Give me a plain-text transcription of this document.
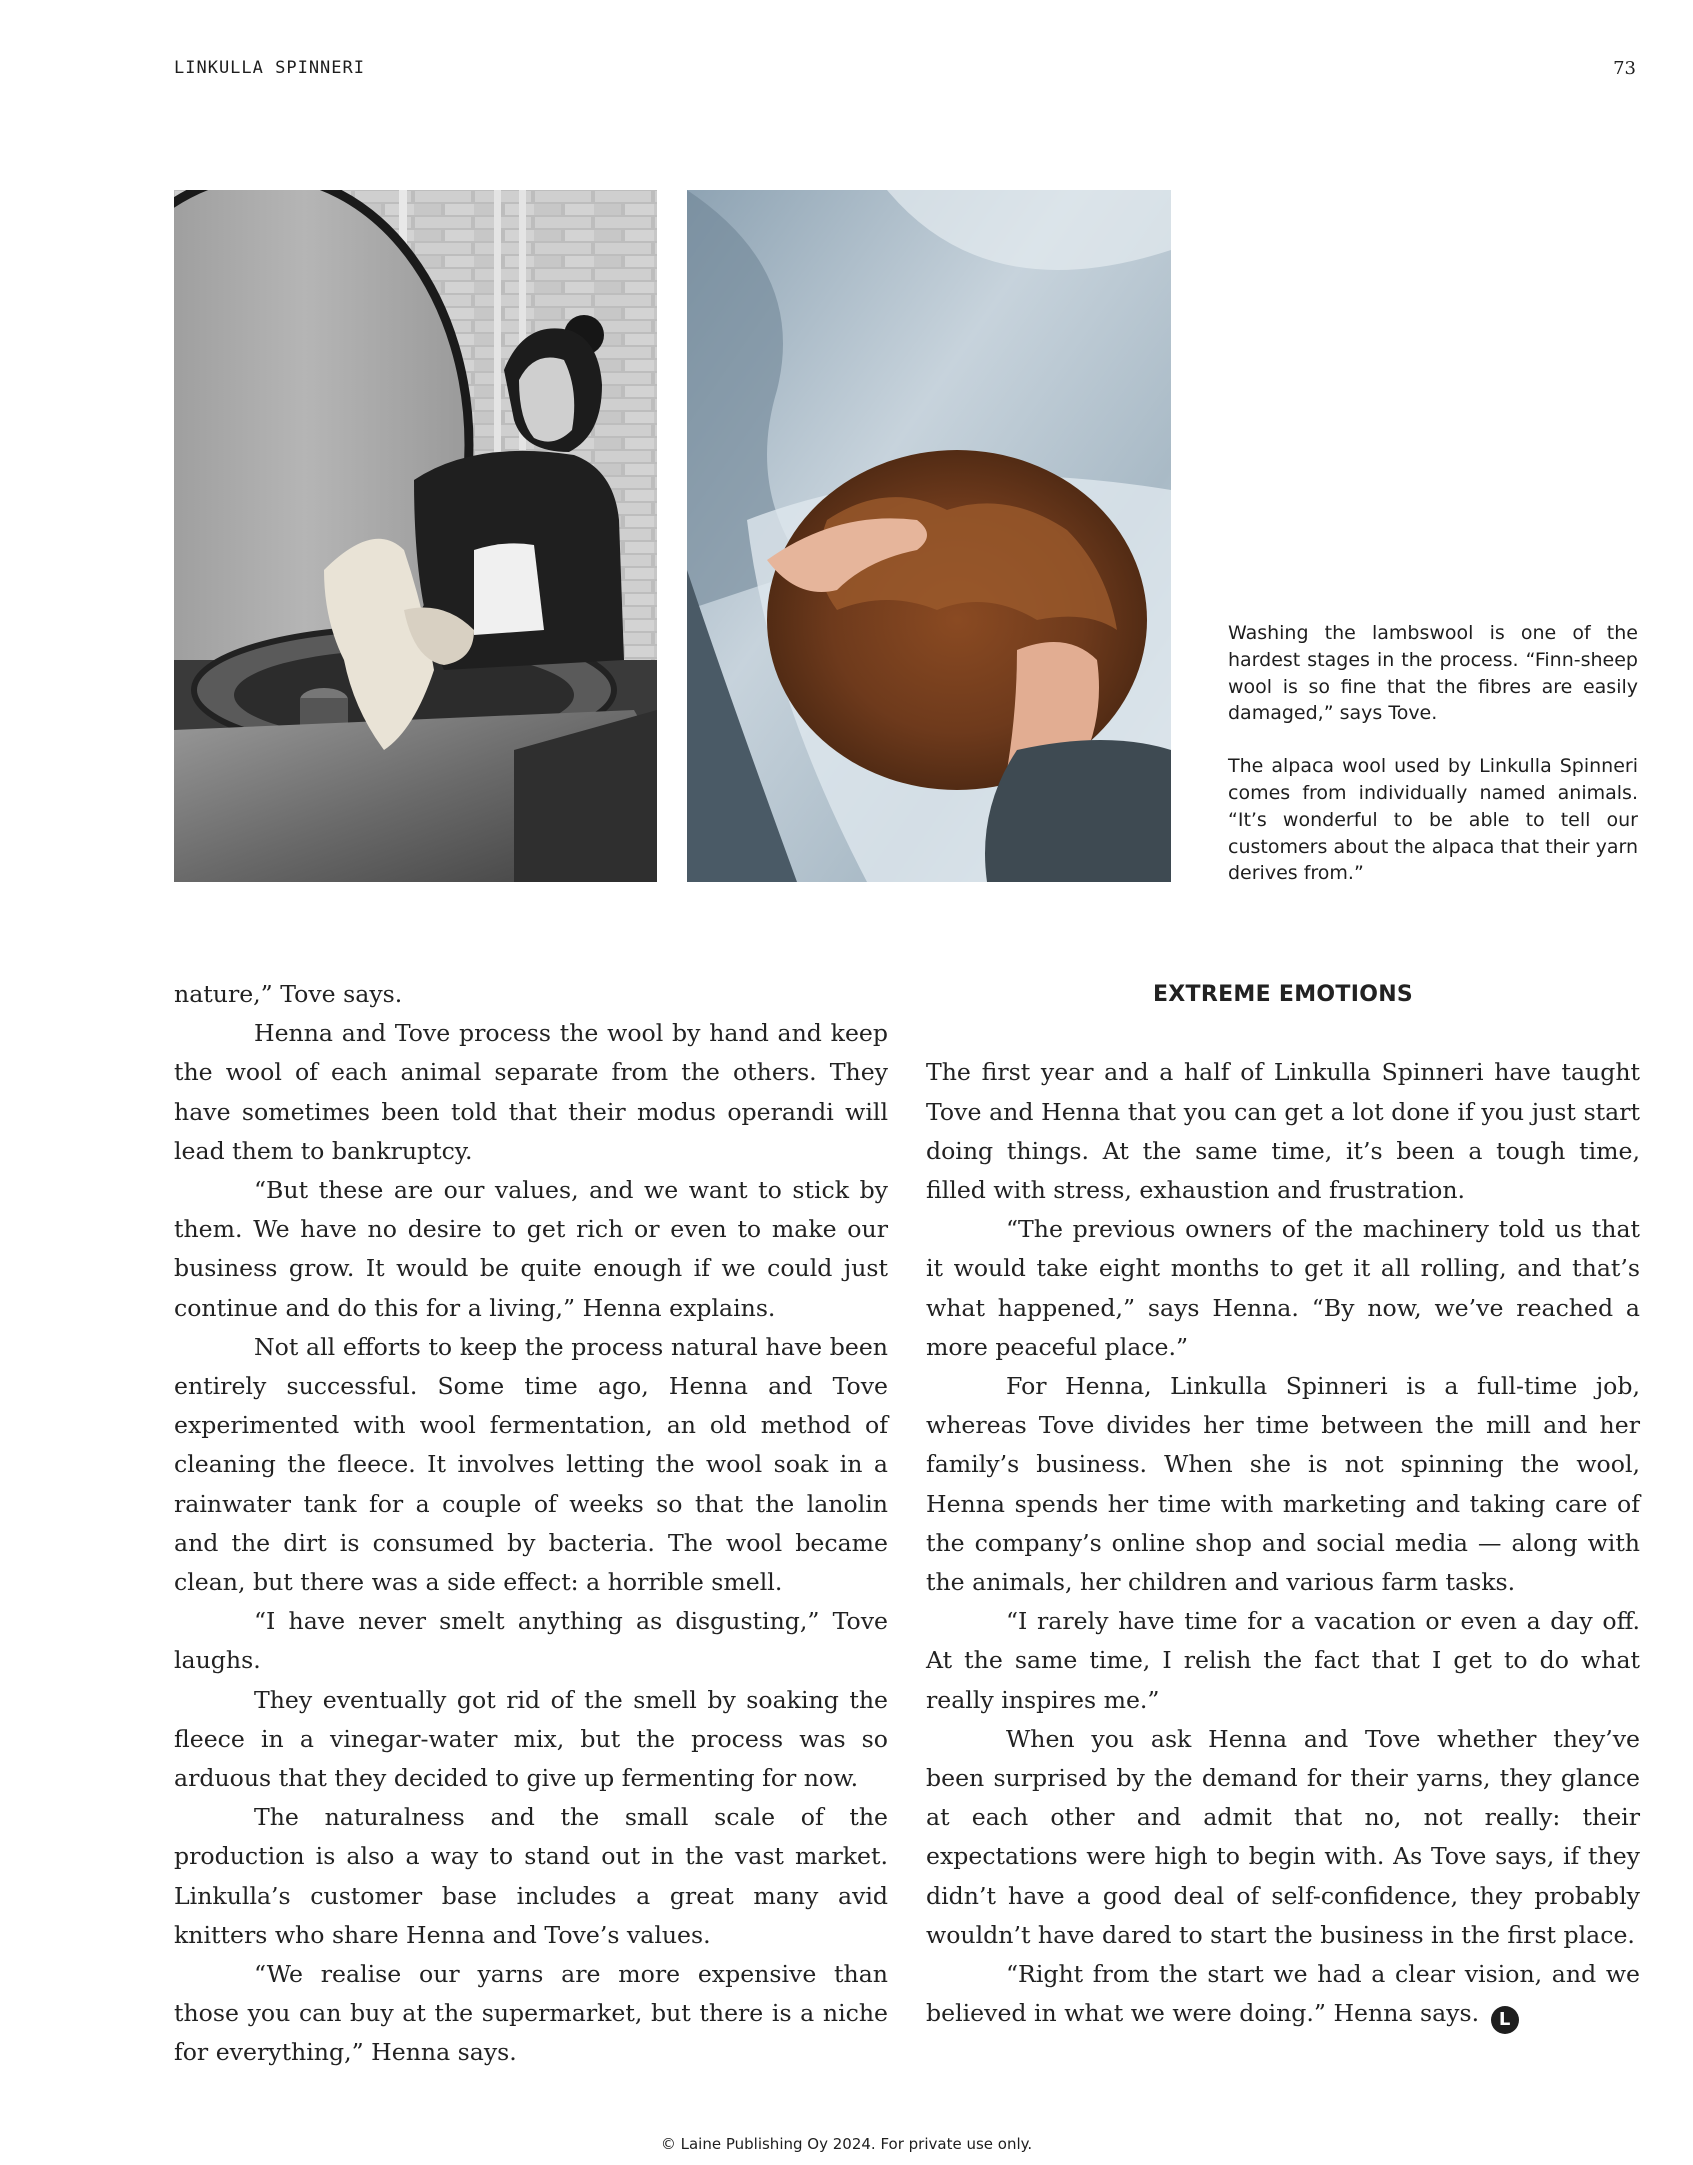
LINKULLA SPINNERI	73

Washing the lambswool is one of the hardest stages in the process. “Finn-sheep wool is so fine that the fibres are easily damaged,” says Tove.

The alpaca wool used by Linkulla Spinneri comes from individually named animals. “It’s wonderful to be able to tell our customers about the alpaca that their yarn derives from.”

nature,” Tove says.

Henna and Tove process the wool by hand and keep the wool of each animal separate from the others. They have sometimes been told that their modus operandi will lead them to bankruptcy.

“But these are our values, and we want to stick by them. We have no desire to get rich or even to make our business grow. It would be quite enough if we could just continue and do this for a living,” Henna explains.

Not all efforts to keep the process natural have been entirely successful. Some time ago, Henna and Tove experimented with wool fermentation, an old method of cleaning the fleece. It involves letting the wool soak in a rainwater tank for a couple of weeks so that the lanolin and the dirt is consumed by bacteria. The wool became clean, but there was a side effect: a horrible smell.

“I have never smelt anything as disgusting,” Tove laughs.

They eventually got rid of the smell by soaking the fleece in a vinegar-water mix, but the process was so arduous that they decided to give up fermenting for now.

The naturalness and the small scale of the production is also a way to stand out in the vast market. Linkulla’s customer base includes a great many avid knitters who share Henna and Tove’s values.

“We realise our yarns are more expensive than those you can buy at the supermarket, but there is a niche for everything,” Henna says.

EXTREME EMOTIONS

The first year and a half of Linkulla Spinneri have taught Tove and Henna that you can get a lot done if you just start doing things. At the same time, it’s been a tough time, filled with stress, exhaustion and frustration.

“The previous owners of the machinery told us that it would take eight months to get it all rolling, and that’s what happened,” says Henna. “By now, we’ve reached a more peaceful place.”

For Henna, Linkulla Spinneri is a full-time job, whereas Tove divides her time between the mill and her family’s business. When she is not spinning the wool, Henna spends her time with marketing and taking care of the company’s online shop and social media — along with the animals, her children and various farm tasks.

“I rarely have time for a vacation or even a day off. At the same time, I relish the fact that I get to do what really inspires me.”

When you ask Henna and Tove whether they’ve been surprised by the demand for their yarns, they glance at each other and admit that no, not really: their expectations were high to begin with. As Tove says, if they didn’t have a good deal of self-confidence, they probably wouldn’t have dared to start the business in the first place.

“Right from the start we had a clear vision, and we believed in what we were doing.” Henna says. L

© Laine Publishing Oy 2024. For private use only.
